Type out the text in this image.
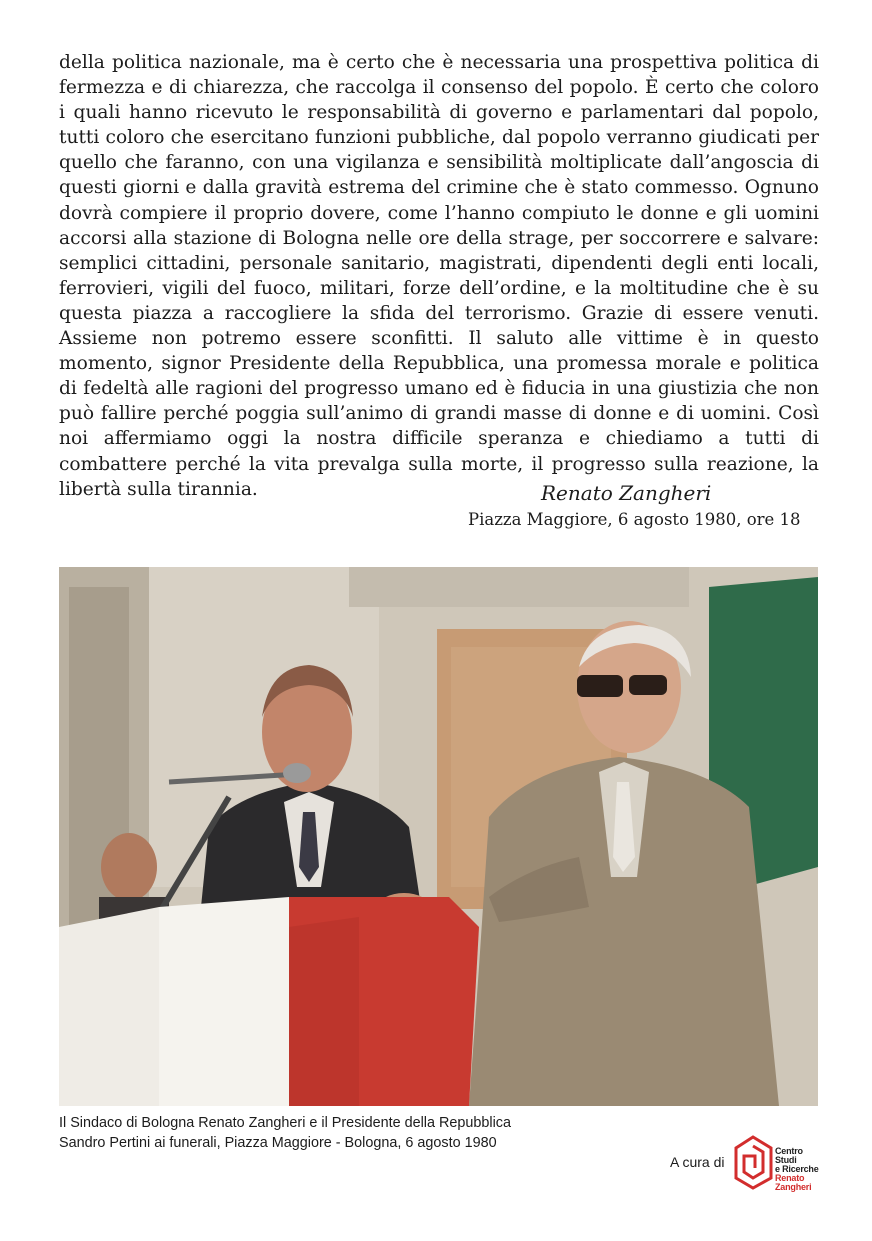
della politica nazionale, ma è certo che è necessaria una prospettiva politica di fermezza e di chiarezza, che raccolga il consenso del popolo. È certo che coloro i quali hanno ricevuto le responsabilità di governo e parlamentari dal popolo, tutti coloro che esercitano funzioni pubbliche, dal popolo verranno giudicati per quello che faranno, con una vigilanza e sensibilità moltiplicate dall’angoscia di questi giorni e dalla gravità estrema del crimine che è stato commesso. Ognuno dovrà compiere il proprio dovere, come l’hanno compiuto le donne e gli uomini accorsi alla stazione di Bologna nelle ore della strage, per soccorrere e salvare: semplici cittadini, personale sanitario, magistrati, dipendenti degli enti locali, ferrovieri, vigili del fuoco, militari, forze dell’ordine, e la moltitudine che è su questa piazza a raccogliere la sfida del terrorismo. Grazie di essere venuti. Assieme non potremo essere sconfitti. Il saluto alle vittime è in questo momento, signor Presidente della Repubblica, una promessa morale e politica di fedeltà alle ragioni del progresso umano ed è fiducia in una giustizia che non può fallire perché poggia sull’animo di grandi masse di donne e di uomini. Così noi affermiamo oggi la nostra difficile speranza e chiediamo a tutti di combattere perché la vita prevalga sulla morte, il progresso sulla reazione, la libertà sulla tirannia.	Renato Zangheri
Piazza Maggiore, 6 agosto 1980, ore 18
Il Sindaco di Bologna Renato Zangheri e il Presidente della Repubblica
Sandro Pertini ai funerali, Piazza Maggiore - Bologna, 6 agosto 1980
A cura di
Centro
Studi
e Ricerche
Renato
Zangheri
